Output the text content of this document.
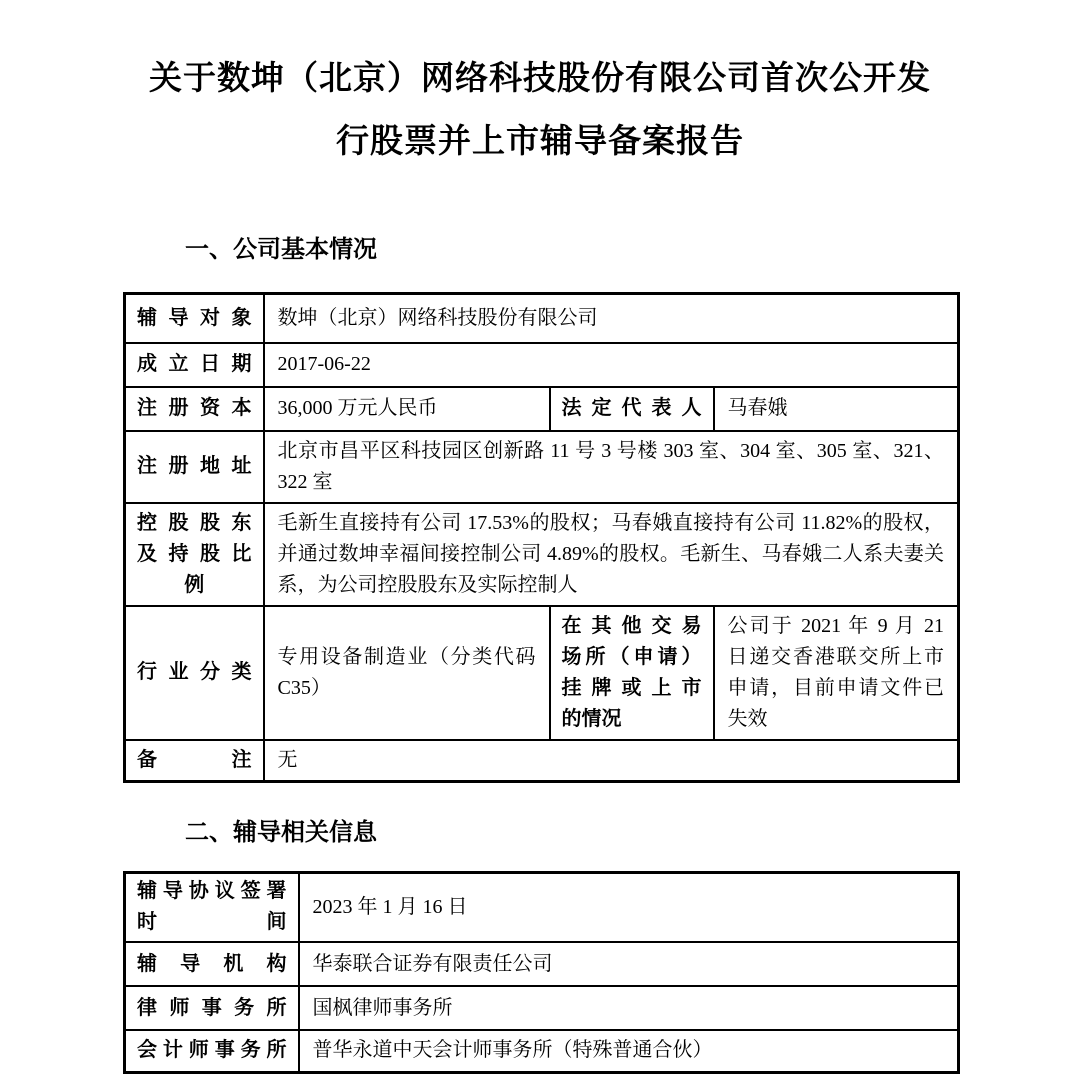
关于数坤（北京）网络科技股份有限公司首次公开发
行股票并上市辅导备案报告
一、公司基本情况
辅导对象	数坤（北京）网络科技股份有限公司		
成立日期	2017-06-22		
注册资本	36,000 万元人民币	法定代表人	马春娥
注册地址	北京市昌平区科技园区创新路 11 号 3 号楼 303 室、304 室、305 室、321、322 室		

控股股东
及持股比
例	毛新生直接持有公司 17.53%的股权；马春娥直接持有公司 11.82%的股权，并通过数坤幸福间接控制公司 4.89%的股权。毛新生、马春娥二人系夫妻关系，为公司控股股东及实际控制人		
行业分类	专用设备制造业（分类代码 C35）	在其他交易
场所（申请）
挂牌或上市
的情况	公司于 2021 年 9 月 21 日递交香港联交所上市申请，目前申请文件已失效
备注	无		
二、辅导相关信息
辅导协议签署
时间	2023 年 1 月 16 日
辅导机构	华泰联合证券有限责任公司
律师事务所	国枫律师事务所
会计师事务所	普华永道中天会计师事务所（特殊普通合伙）
